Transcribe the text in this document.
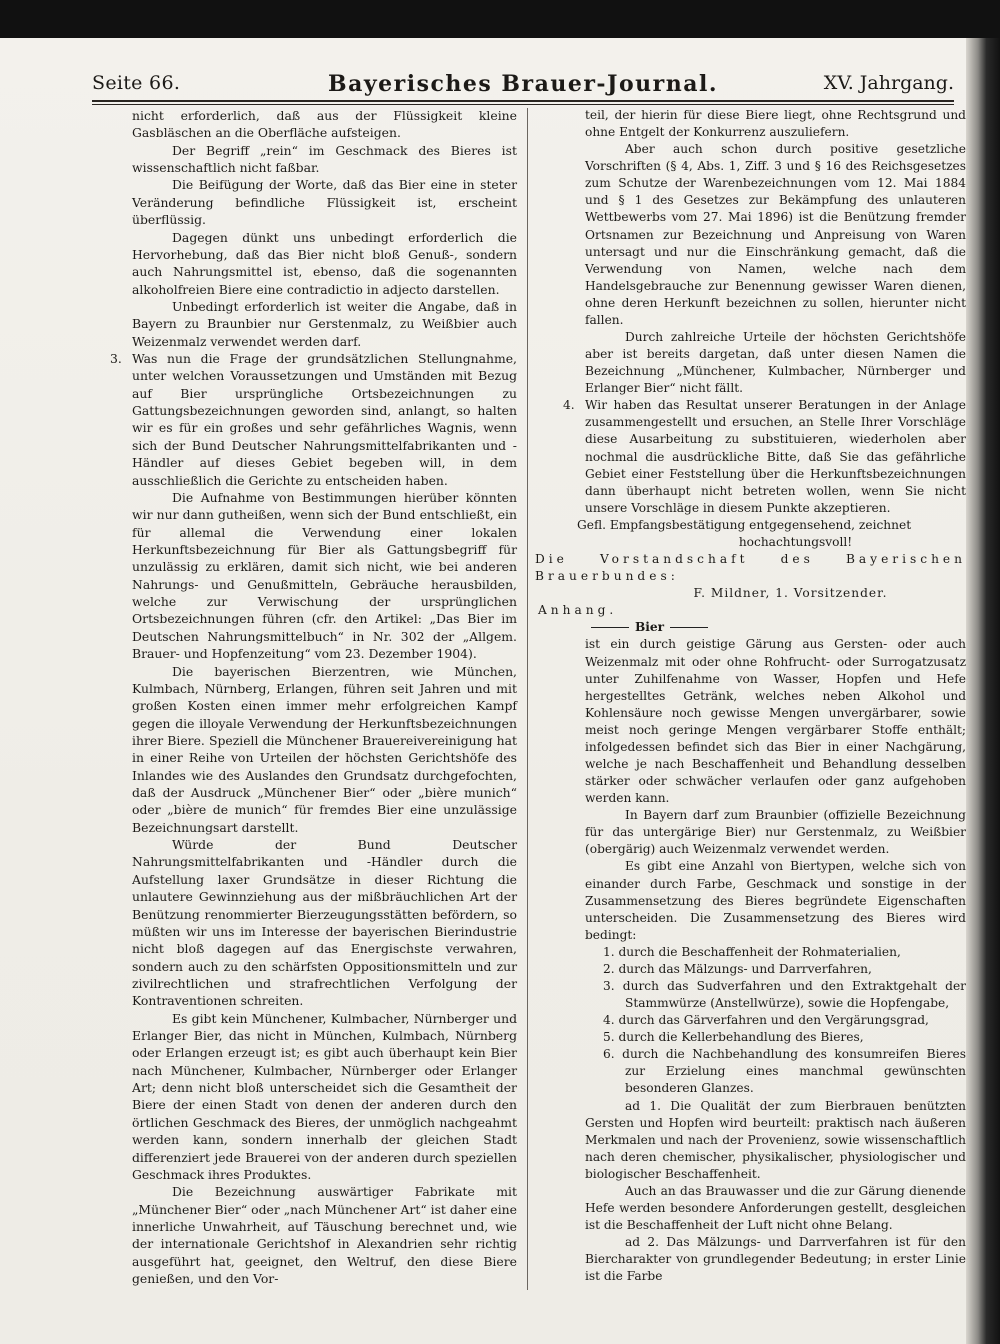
Seite 66.	Bayerisches Brauer-Journal.	XV. Jahrgang.

nicht erforderlich, daß aus der Flüssigkeit kleine Gasbläschen an die Oberfläche aufsteigen.

Der Begriff „rein“ im Geschmack des Bieres ist wissenschaftlich nicht faßbar.

Die Beifügung der Worte, daß das Bier eine in steter Veränderung befindliche Flüssigkeit ist, erscheint überflüssig.

Dagegen dünkt uns unbedingt erforderlich die Hervorhebung, daß das Bier nicht bloß Genuß-, sondern auch Nahrungsmittel ist, ebenso, daß die sogenannten alkoholfreien Biere eine contradictio in adjecto darstellen.

Unbedingt erforderlich ist weiter die Angabe, daß in Bayern zu Braunbier nur Gerstenmalz, zu Weißbier auch Weizenmalz verwendet werden darf.

3. Was nun die Frage der grundsätzlichen Stellungnahme, unter welchen Voraussetzungen und Umständen mit Bezug auf Bier ursprüngliche Ortsbezeichnungen zu Gattungsbezeichnungen geworden sind, anlangt, so halten wir es für ein großes und sehr gefährliches Wagnis, wenn sich der Bund Deutscher Nahrungsmittelfabrikanten und -Händler auf dieses Gebiet begeben will, in dem ausschließlich die Gerichte zu entscheiden haben.

Die Aufnahme von Bestimmungen hierüber könnten wir nur dann gutheißen, wenn sich der Bund entschließt, ein für allemal die Verwendung einer lokalen Herkunftsbezeichnung für Bier als Gattungsbegriff für unzulässig zu erklären, damit sich nicht, wie bei anderen Nahrungs- und Genußmitteln, Gebräuche herausbilden, welche zur Verwischung der ursprünglichen Ortsbezeichnungen führen (cfr. den Artikel: „Das Bier im Deutschen Nahrungsmittelbuch“ in Nr. 302 der „Allgem. Brauer- und Hopfenzeitung“ vom 23. Dezember 1904).

Die bayerischen Bierzentren, wie München, Kulmbach, Nürnberg, Erlangen, führen seit Jahren und mit großen Kosten einen immer mehr erfolgreichen Kampf gegen die illoyale Verwendung der Herkunftsbezeichnungen ihrer Biere. Speziell die Münchener Brauereivereinigung hat in einer Reihe von Urteilen der höchsten Gerichtshöfe des Inlandes wie des Auslandes den Grundsatz durchgefochten, daß der Ausdruck „Münchener Bier“ oder „bière munich“ oder „bière de munich“ für fremdes Bier eine unzulässige Bezeichnungsart darstellt.

Würde der Bund Deutscher Nahrungsmittelfabrikanten und -Händler durch die Aufstellung laxer Grundsätze in dieser Richtung die unlautere Gewinnziehung aus der mißbräuchlichen Art der Benützung renommierter Bierzeugungsstätten befördern, so müßten wir uns im Interesse der bayerischen Bierindustrie nicht bloß dagegen auf das Energischste verwahren, sondern auch zu den schärfsten Oppositionsmitteln und zur zivilrechtlichen und strafrechtlichen Verfolgung der Kontraventionen schreiten.

Es gibt kein Münchener, Kulmbacher, Nürnberger und Erlanger Bier, das nicht in München, Kulmbach, Nürnberg oder Erlangen erzeugt ist; es gibt auch überhaupt kein Bier nach Münchener, Kulmbacher, Nürnberger oder Erlanger Art; denn nicht bloß unterscheidet sich die Gesamtheit der Biere der einen Stadt von denen der anderen durch den örtlichen Geschmack des Bieres, der unmöglich nachgeahmt werden kann, sondern innerhalb der gleichen Stadt differenziert jede Brauerei von der anderen durch speziellen Geschmack ihres Produktes.

Die Bezeichnung auswärtiger Fabrikate mit „Münchener Bier“ oder „nach Münchener Art“ ist daher eine innerliche Unwahrheit, auf Täuschung berechnet und, wie der internationale Gerichtshof in Alexandrien sehr richtig ausgeführt hat, geeignet, den Weltruf, den diese Biere genießen, und den Vor-

teil, der hierin für diese Biere liegt, ohne Rechtsgrund und ohne Entgelt der Konkurrenz auszuliefern.

Aber auch schon durch positive gesetzliche Vorschriften (§ 4, Abs. 1, Ziff. 3 und § 16 des Reichsgesetzes zum Schutze der Warenbezeichnungen vom 12. Mai 1884 und § 1 des Gesetzes zur Bekämpfung des unlauteren Wettbewerbs vom 27. Mai 1896) ist die Benützung fremder Ortsnamen zur Bezeichnung und Anpreisung von Waren untersagt und nur die Einschränkung gemacht, daß die Verwendung von Namen, welche nach dem Handelsgebrauche zur Benennung gewisser Waren dienen, ohne deren Herkunft bezeichnen zu sollen, hierunter nicht fallen.

Durch zahlreiche Urteile der höchsten Gerichtshöfe aber ist bereits dargetan, daß unter diesen Namen die Bezeichnung „Münchener, Kulmbacher, Nürnberger und Erlanger Bier“ nicht fällt.

4. Wir haben das Resultat unserer Beratungen in der Anlage zusammengestellt und ersuchen, an Stelle Ihrer Vorschläge diese Ausarbeitung zu substituieren, wiederholen aber nochmal die ausdrückliche Bitte, daß Sie das gefährliche Gebiet einer Feststellung über die Herkunftsbezeichnungen dann überhaupt nicht betreten wollen, wenn Sie nicht unsere Vorschläge in diesem Punkte akzeptieren.

Gefl. Empfangsbestätigung entgegensehend, zeichnet

hochachtungsvoll!

Die Vorstandschaft des Bayerischen Brauerbundes:

F. Mildner, 1. Vorsitzender.

Anhang.

Bier

ist ein durch geistige Gärung aus Gersten- oder auch Weizenmalz mit oder ohne Rohfrucht- oder Surrogatzusatz unter Zuhilfenahme von Wasser, Hopfen und Hefe hergestelltes Getränk, welches neben Alkohol und Kohlensäure noch gewisse Mengen unvergärbarer, sowie meist noch geringe Mengen vergärbarer Stoffe enthält; infolgedessen befindet sich das Bier in einer Nachgärung, welche je nach Beschaffenheit und Behandlung desselben stärker oder schwächer verlaufen oder ganz aufgehoben werden kann.

In Bayern darf zum Braunbier (offizielle Bezeichnung für das untergärige Bier) nur Gerstenmalz, zu Weißbier (obergärig) auch Weizenmalz verwendet werden.

Es gibt eine Anzahl von Biertypen, welche sich von einander durch Farbe, Geschmack und sonstige in der Zusammensetzung des Bieres begründete Eigenschaften unterscheiden. Die Zusammensetzung des Bieres wird bedingt:

1. durch die Beschaffenheit der Rohmaterialien,

2. durch das Mälzungs- und Darrverfahren,

3. durch das Sudverfahren und den Extraktgehalt der Stammwürze (Anstellwürze), sowie die Hopfengabe,

4. durch das Gärverfahren und den Vergärungsgrad,

5. durch die Kellerbehandlung des Bieres,

6. durch die Nachbehandlung des konsumreifen Bieres zur Erzielung eines manchmal gewünschten besonderen Glanzes.

ad 1. Die Qualität der zum Bierbrauen benützten Gersten und Hopfen wird beurteilt: praktisch nach äußeren Merkmalen und nach der Provenienz, sowie wissenschaftlich nach deren chemischer, physikalischer, physiologischer und biologischer Beschaffenheit.

Auch an das Brauwasser und die zur Gärung dienende Hefe werden besondere Anforderungen gestellt, desgleichen ist die Beschaffenheit der Luft nicht ohne Belang.

ad 2. Das Mälzungs- und Darrverfahren ist für den Biercharakter von grundlegender Bedeutung; in erster Linie ist die Farbe
